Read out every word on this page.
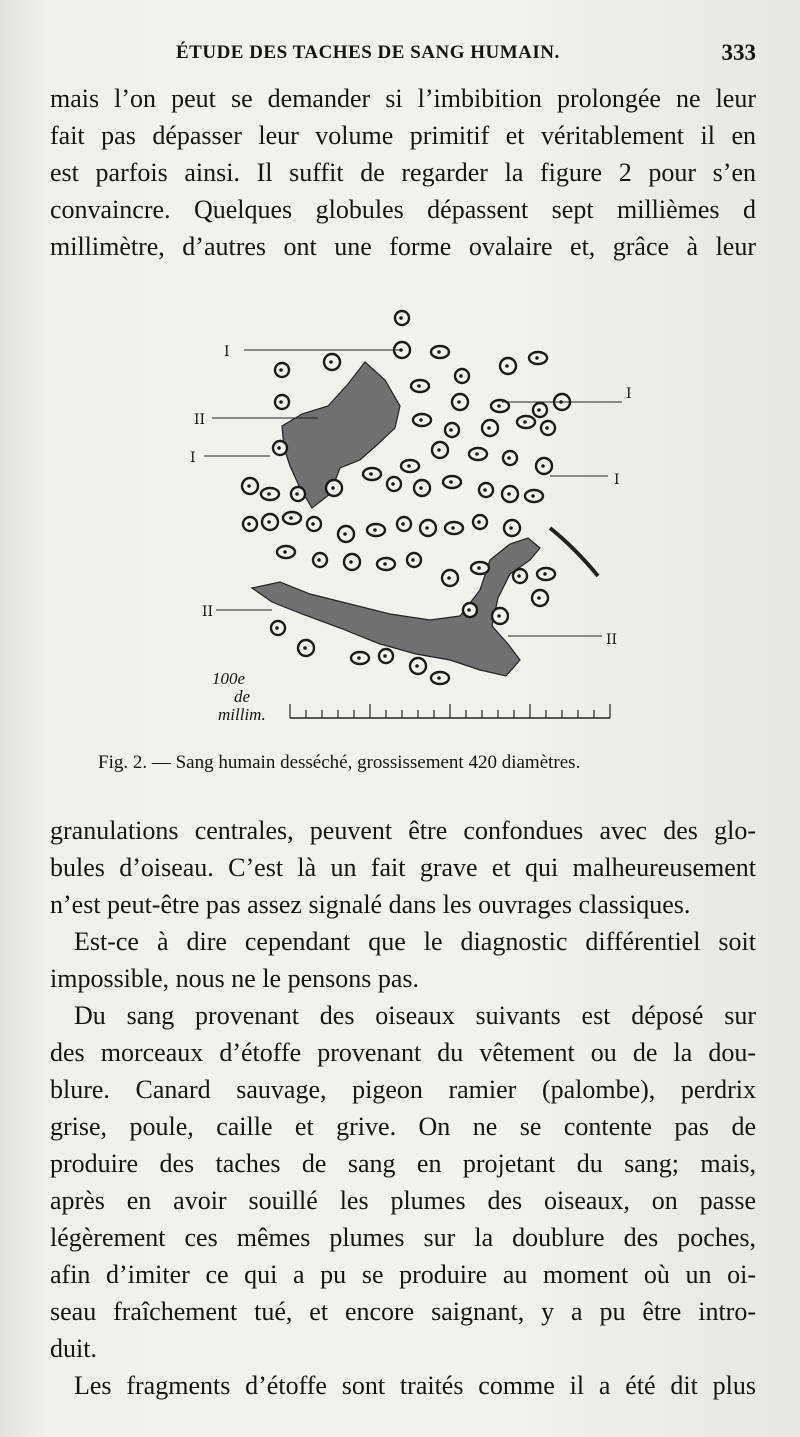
ÉTUDE DES TACHES DE SANG HUMAIN.	333
mais l’on peut se demander si l’imbibition prolongée ne leur
fait pas dépasser leur volume primitif et véritablement il en
est parfois ainsi. Il suffit de regarder la figure 2 pour s’en
convaincre. Quelques globules dépassent sept millièmes d
millimètre, d’autres ont une forme ovalaire et, grâce à leur
I
II
I
I
I
II
II
100e
de
millim.
Fig. 2. — Sang humain desséché, grossissement 420 diamètres.
granulations centrales, peuvent être confondues avec des glo-
bules d’oiseau. C’est là un fait grave et qui malheureusement
n’est peut-être pas assez signalé dans les ouvrages classiques.
Est-ce à dire cependant que le diagnostic différentiel soit
impossible, nous ne le pensons pas.
Du sang provenant des oiseaux suivants est déposé sur
des morceaux d’étoffe provenant du vêtement ou de la dou-
blure. Canard sauvage, pigeon ramier (palombe), perdrix
grise, poule, caille et grive. On ne se contente pas de
produire des taches de sang en projetant du sang; mais,
après en avoir souillé les plumes des oiseaux, on passe
légèrement ces mêmes plumes sur la doublure des poches,
afin d’imiter ce qui a pu se produire au moment où un oi-
seau fraîchement tué, et encore saignant, y a pu être intro-
duit.
Les fragments d’étoffe sont traités comme il a été dit plus
